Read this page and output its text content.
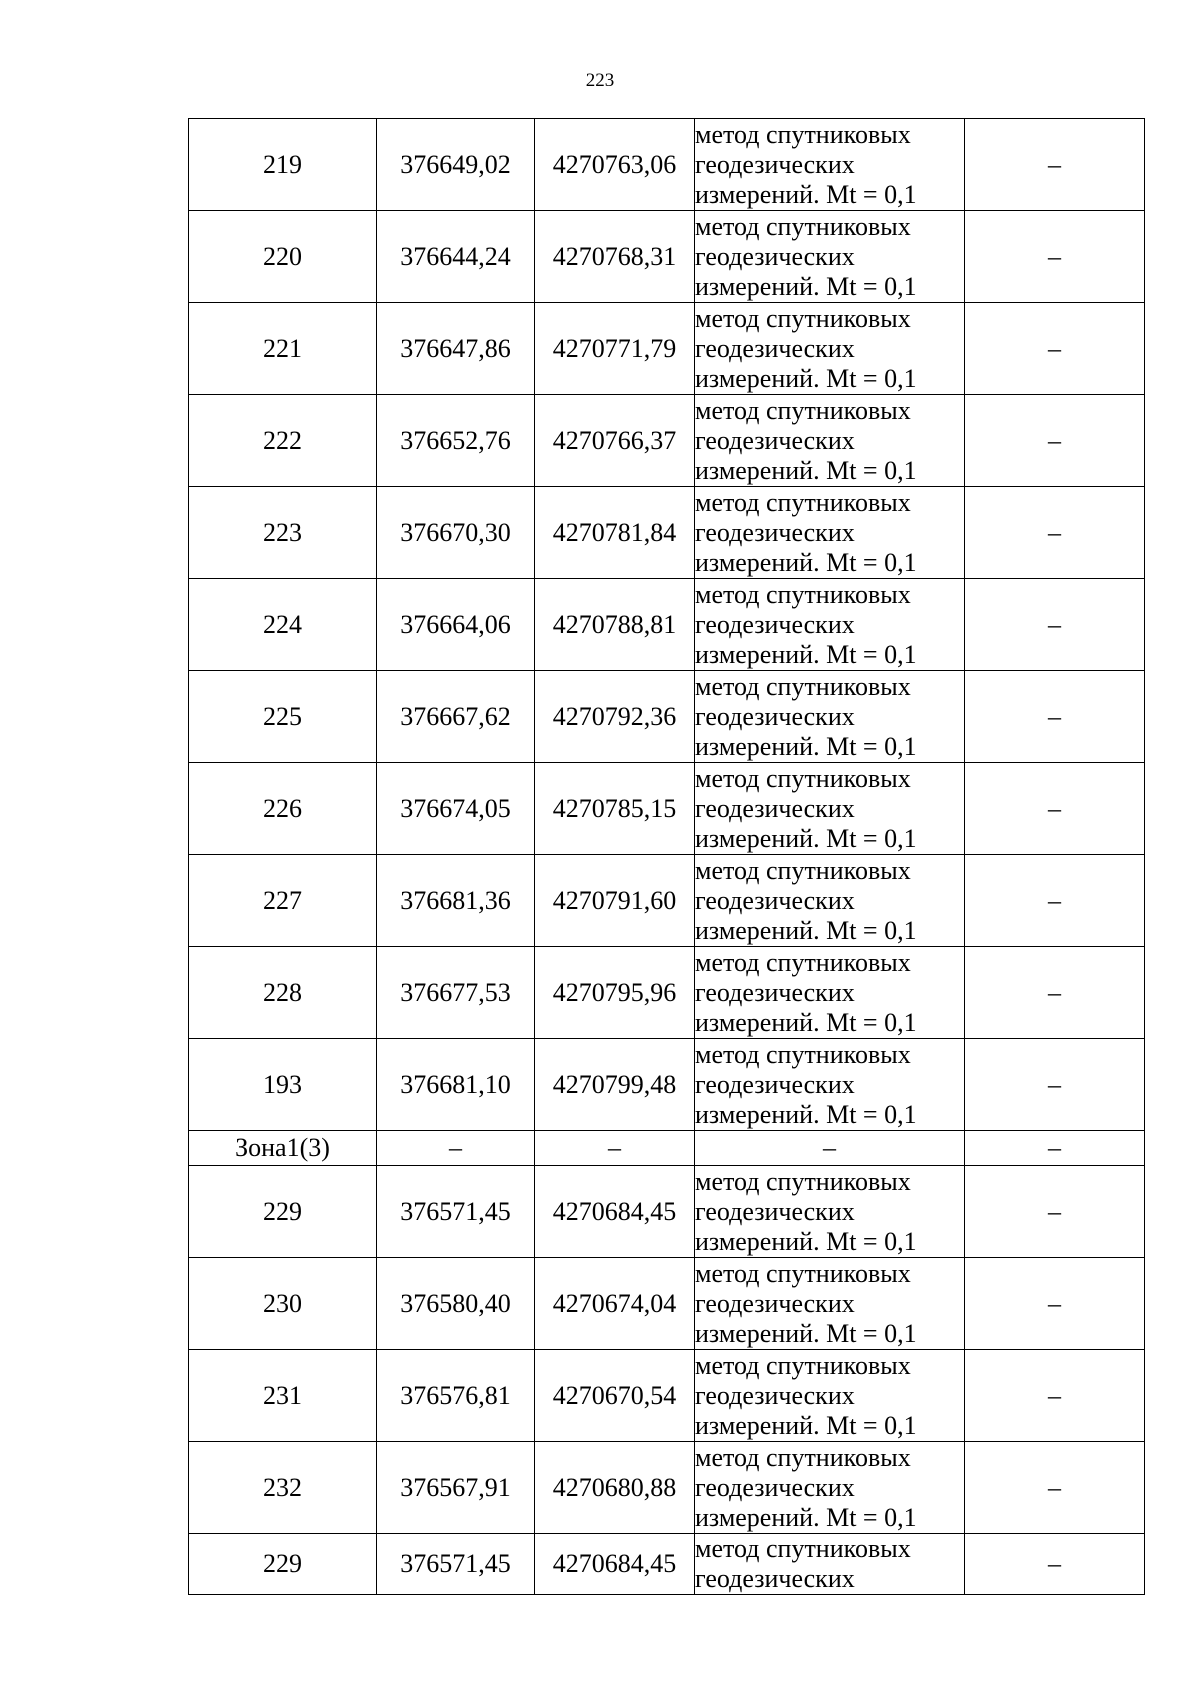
223
219	376649,02	4270763,06	метод спутниковых
геодезических
измерений. Mt = 0,1	–
220	376644,24	4270768,31	метод спутниковых
геодезических
измерений. Mt = 0,1	–
221	376647,86	4270771,79	метод спутниковых
геодезических
измерений. Mt = 0,1	–
222	376652,76	4270766,37	метод спутниковых
геодезических
измерений. Mt = 0,1	–
223	376670,30	4270781,84	метод спутниковых
геодезических
измерений. Mt = 0,1	–
224	376664,06	4270788,81	метод спутниковых
геодезических
измерений. Mt = 0,1	–
225	376667,62	4270792,36	метод спутниковых
геодезических
измерений. Mt = 0,1	–
226	376674,05	4270785,15	метод спутниковых
геодезических
измерений. Mt = 0,1	–
227	376681,36	4270791,60	метод спутниковых
геодезических
измерений. Mt = 0,1	–
228	376677,53	4270795,96	метод спутниковых
геодезических
измерений. Mt = 0,1	–
193	376681,10	4270799,48	метод спутниковых
геодезических
измерений. Mt = 0,1	–
Зона1(3)	–	–	–	–
229	376571,45	4270684,45	метод спутниковых
геодезических
измерений. Mt = 0,1	–
230	376580,40	4270674,04	метод спутниковых
геодезических
измерений. Mt = 0,1	–
231	376576,81	4270670,54	метод спутниковых
геодезических
измерений. Mt = 0,1	–
232	376567,91	4270680,88	метод спутниковых
геодезических
измерений. Mt = 0,1	–
229	376571,45	4270684,45	метод спутниковых
геодезических	–
